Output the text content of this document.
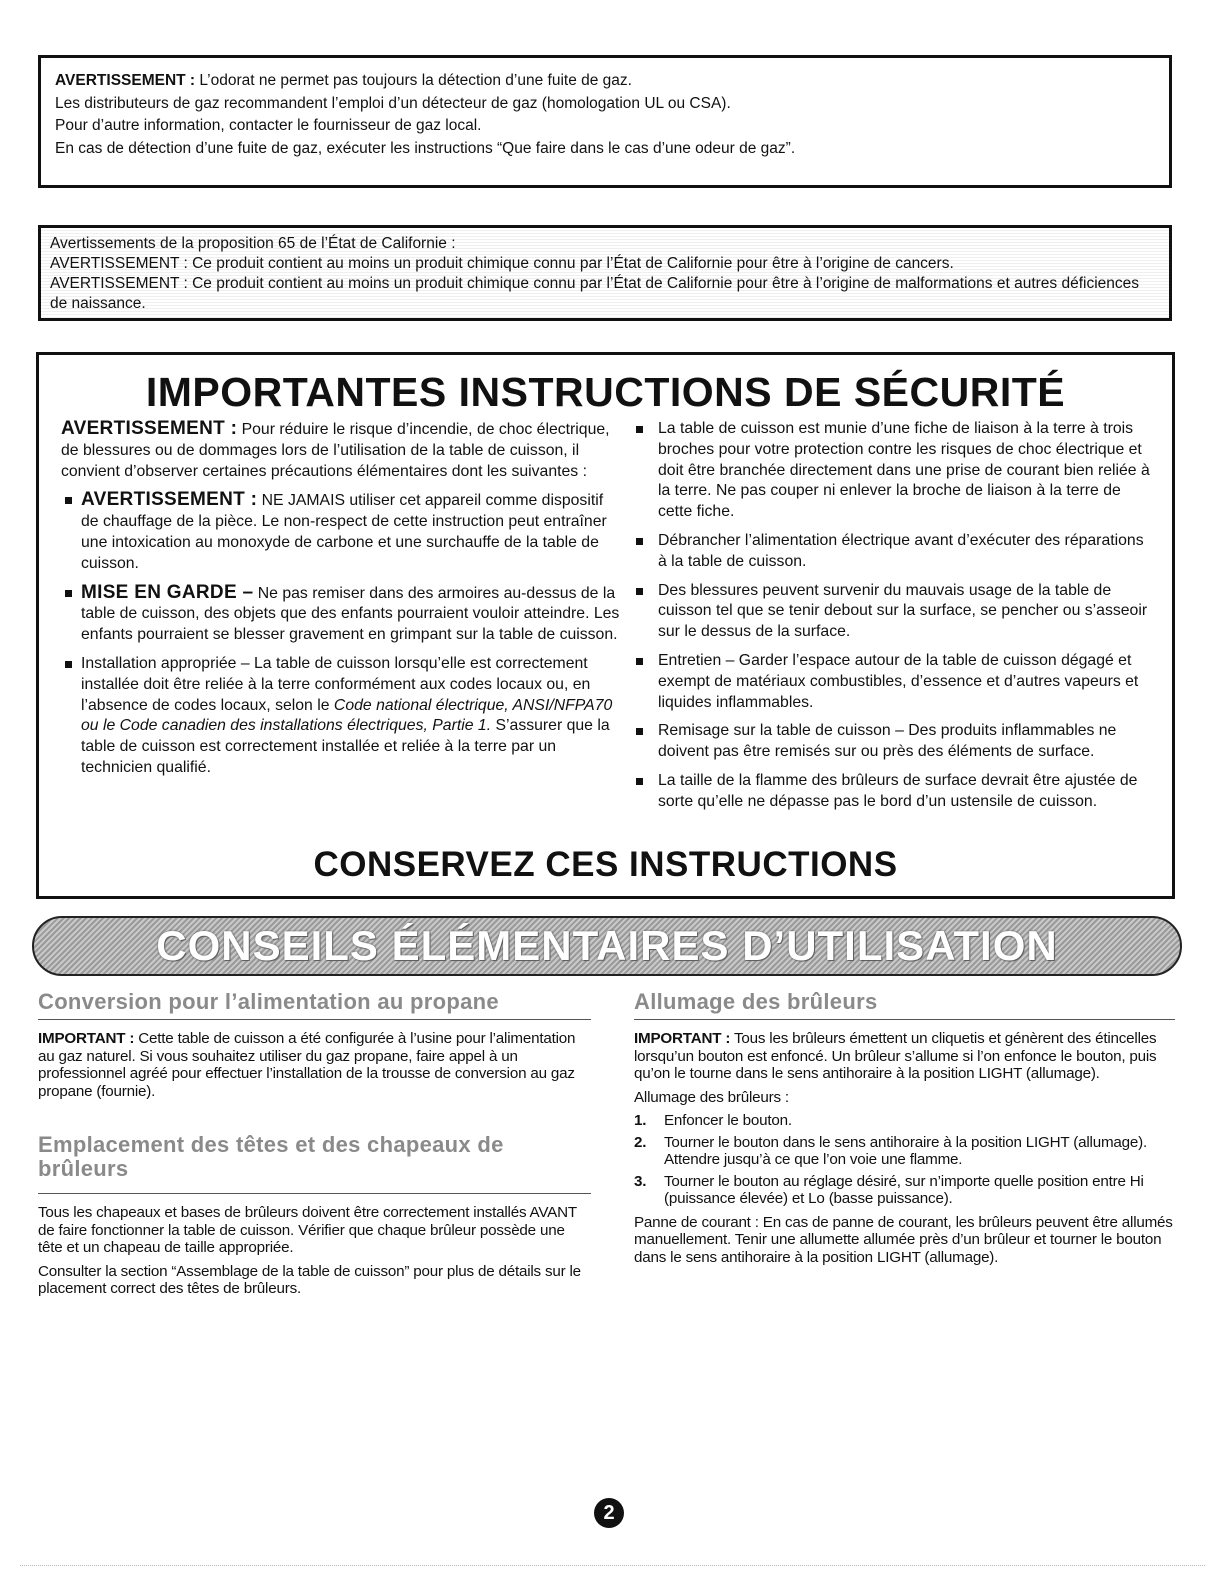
AVERTISSEMENT : L’odorat ne permet pas toujours la détection d’une fuite de gaz.

Les distributeurs de gaz recommandent l’emploi d’un détecteur de gaz (homologation UL ou CSA).

Pour d’autre information, contacter le fournisseur de gaz local.

En cas de détection d’une fuite de gaz, exécuter les instructions “Que faire dans le cas d’une odeur de gaz”.

Avertissements de la proposition 65 de l’État de Californie :

AVERTISSEMENT : Ce produit contient au moins un produit chimique connu par l’État de Californie pour être à l’origine de cancers.

AVERTISSEMENT : Ce produit contient au moins un produit chimique connu par l’État de Californie pour être à l’origine de malformations et autres déficiences de naissance.

IMPORTANTES INSTRUCTIONS DE SÉCURITÉ

AVERTISSEMENT : Pour réduire le risque d’incendie, de choc électrique, de blessures ou de dommages lors de l’utilisation de la table de cuisson, il convient d’observer certaines précautions élémentaires dont les suivantes :

AVERTISSEMENT : NE JAMAIS utiliser cet appareil comme dispositif de chauffage de la pièce. Le non-respect de cette instruction peut entraîner une intoxication au monoxyde de carbone et une surchauffe de la table de cuisson.
MISE EN GARDE – Ne pas remiser dans des armoires au-dessus de la table de cuisson, des objets que des enfants pourraient vouloir atteindre. Les enfants pourraient se blesser gravement en grimpant sur la table de cuisson.
Installation appropriée – La table de cuisson lorsqu’elle est correctement installée doit être reliée à la terre conformément aux codes locaux ou, en l’absence de codes locaux, selon le Code national électrique, ANSI/NFPA70 ou le Code canadien des installations électriques, Partie 1. S’assurer que la table de cuisson est correctement installée et reliée à la terre par un technicien qualifié.
La table de cuisson est munie d’une fiche de liaison à la terre à trois broches pour votre protection contre les risques de choc électrique et doit être branchée directement dans une prise de courant bien reliée à la terre. Ne pas couper ni enlever la broche de liaison à la terre de cette fiche.
Débrancher l’alimentation électrique avant d’exécuter des réparations à la table de cuisson.
Des blessures peuvent survenir du mauvais usage de la table de cuisson tel que se tenir debout sur la surface, se pencher ou s’asseoir sur le dessus de la surface.
Entretien – Garder l’espace autour de la table de cuisson dégagé et exempt de matériaux combustibles, d’essence et d’autres vapeurs et liquides inflammables.
Remisage sur la table de cuisson – Des produits inflammables ne doivent pas être remisés sur ou près des éléments de surface.
La taille de la flamme des brûleurs de surface devrait être ajustée de sorte qu’elle ne dépasse pas le bord d’un ustensile de cuisson.
CONSERVEZ CES INSTRUCTIONS
CONSEILS ÉLÉMENTAIRES D’UTILISATION
Conversion pour l’alimentation au propane

IMPORTANT : Cette table de cuisson a été configurée à l’usine pour l’alimentation au gaz naturel. Si vous souhaitez utiliser du gaz propane, faire appel à un professionnel agréé pour effectuer l’installation de la trousse de conversion au gaz propane (fournie).

Emplacement des têtes et des chapeaux de brûleurs

Tous les chapeaux et bases de brûleurs doivent être correctement installés AVANT de faire fonctionner la table de cuisson. Vérifier que chaque brûleur possède une tête et un chapeau de taille appropriée.

Consulter la section “Assemblage de la table de cuisson” pour plus de détails sur le placement correct des têtes de brûleurs.

Allumage des brûleurs

IMPORTANT : Tous les brûleurs émettent un cliquetis et génèrent des étincelles lorsqu’un bouton est enfoncé. Un brûleur s’allume si l’on enfonce le bouton, puis qu’on le tourne dans le sens antihoraire à la position LIGHT (allumage).

Allumage des brûleurs :

1. Enfoncer le bouton.
2. Tourner le bouton dans le sens antihoraire à la position LIGHT (allumage). Attendre jusqu’à ce que l’on voie une flamme.
3. Tourner le bouton au réglage désiré, sur n’importe quelle position entre Hi (puissance élevée) et Lo (basse puissance).

Panne de courant : En cas de panne de courant, les brûleurs peuvent être allumés manuellement. Tenir une allumette allumée près d’un brûleur et tourner le bouton dans le sens antihoraire à la position LIGHT (allumage).

2
